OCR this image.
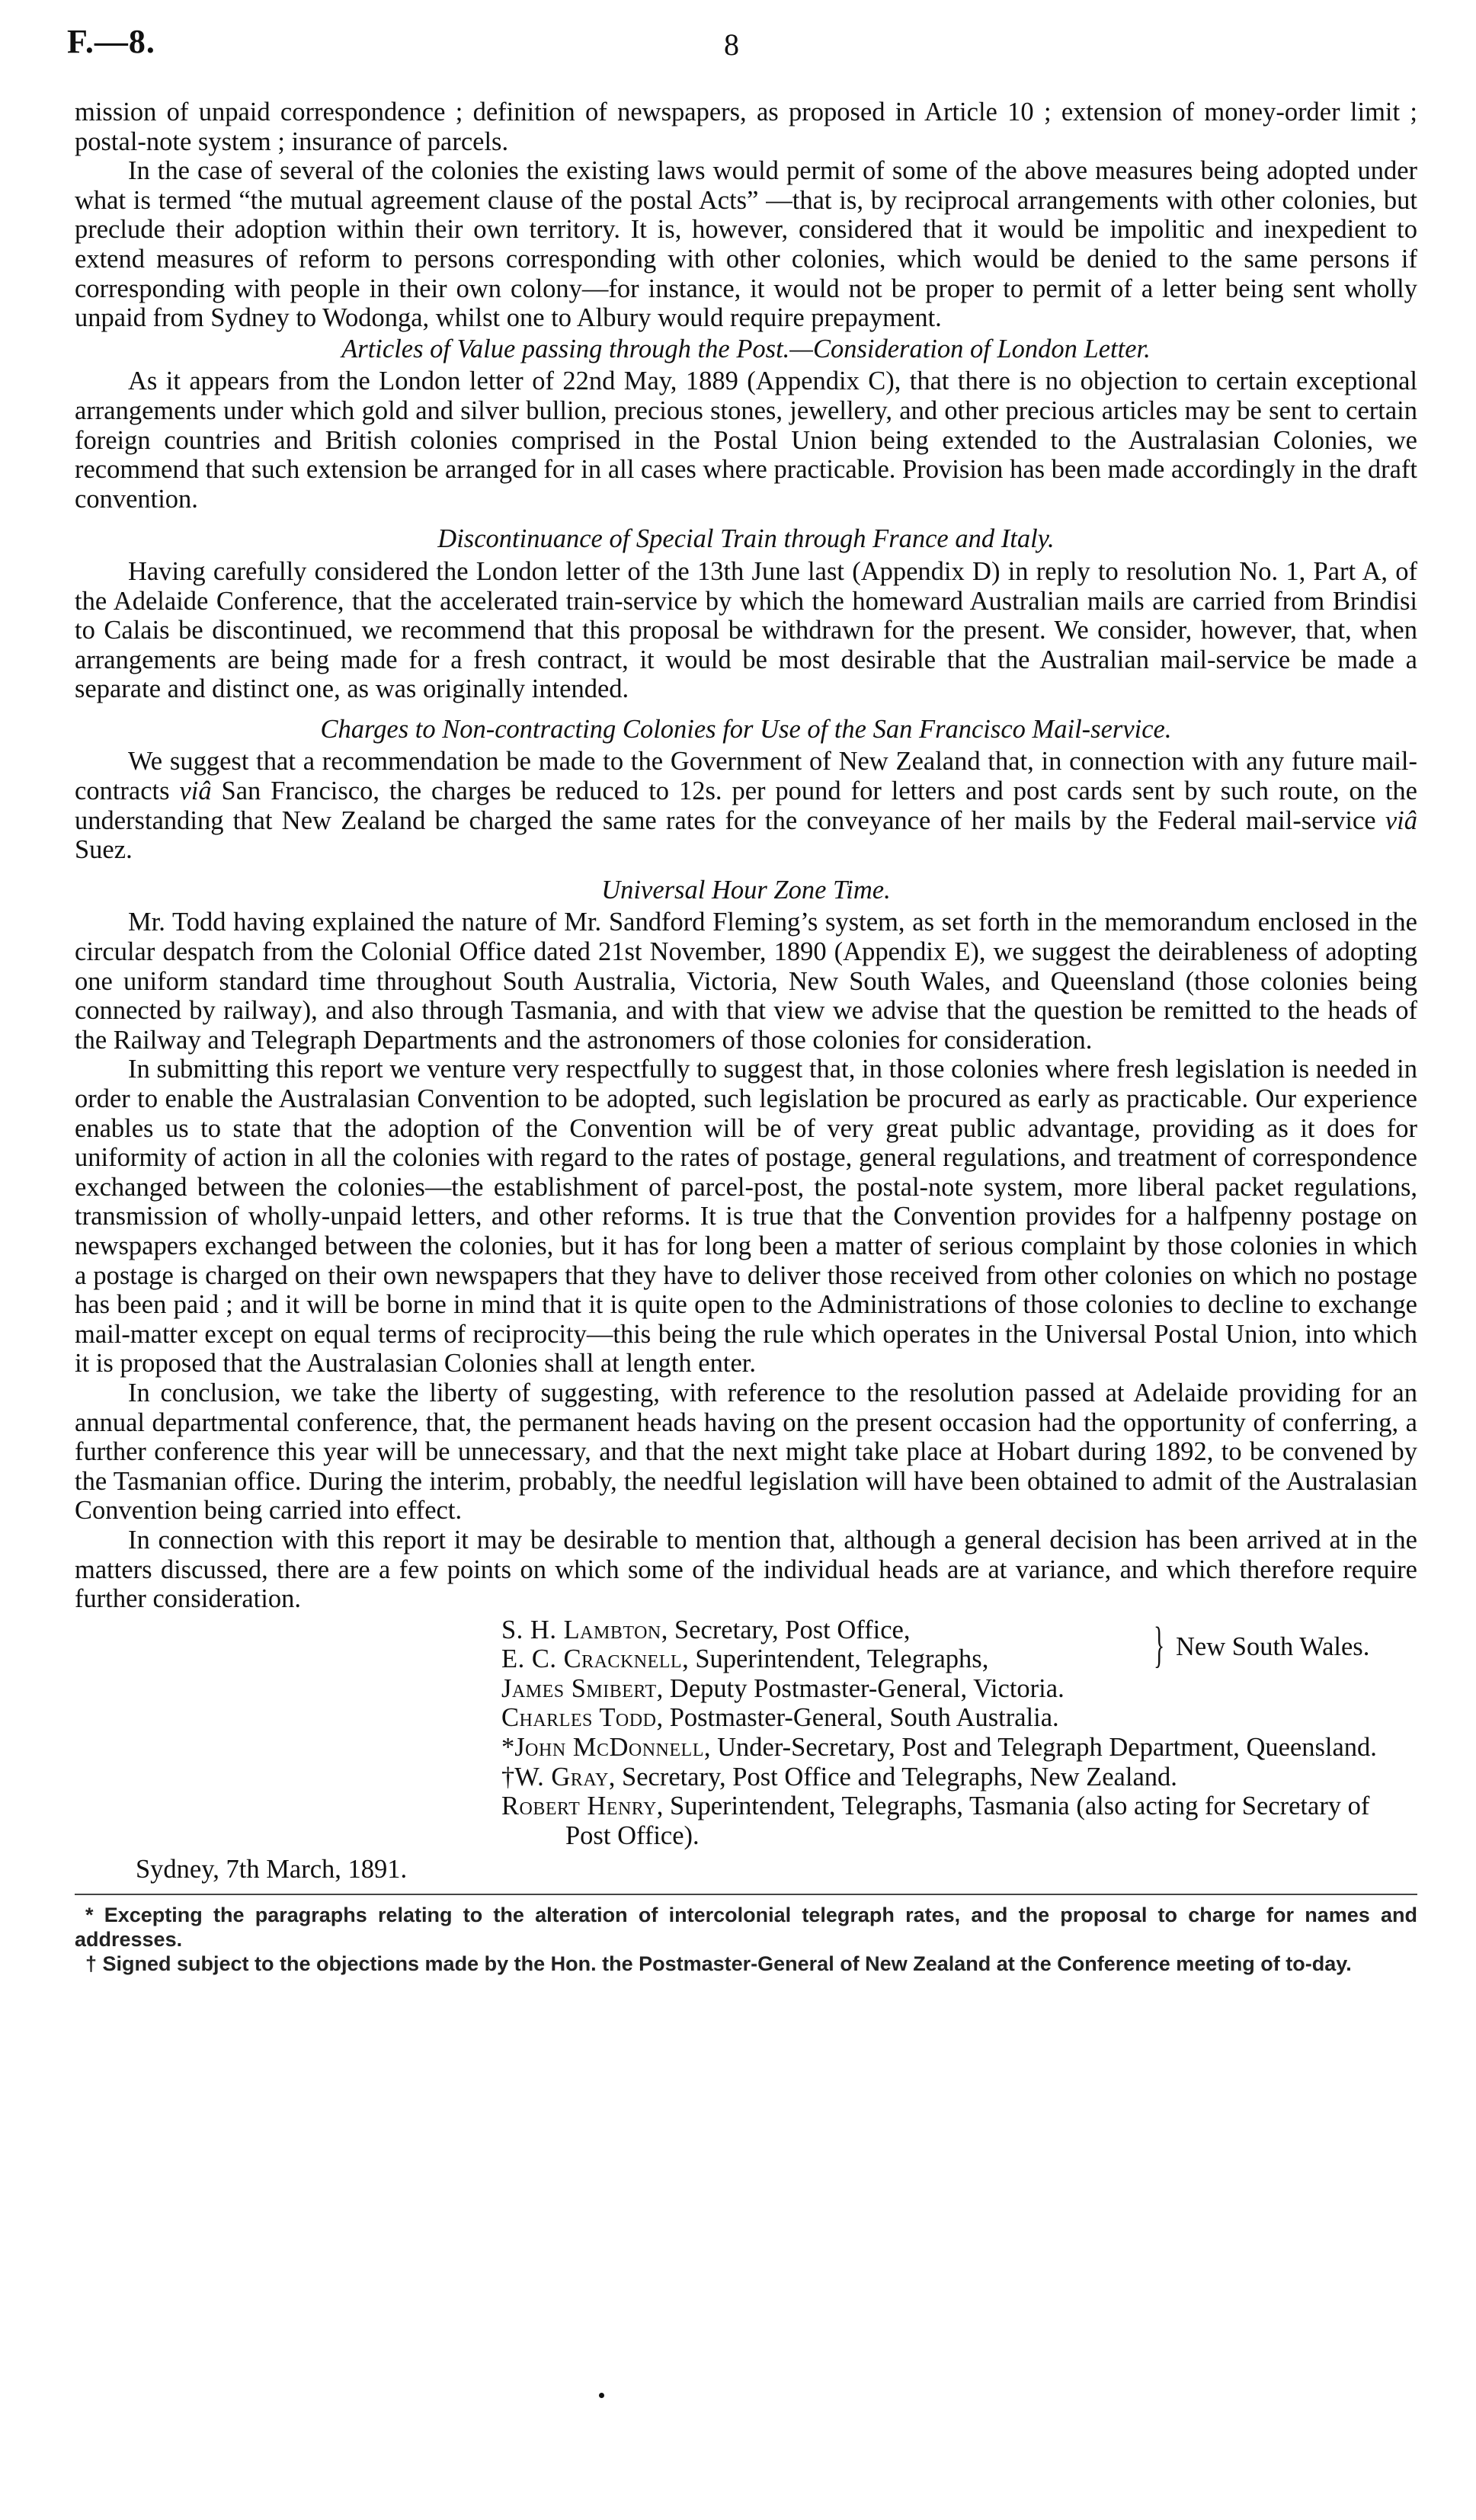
F.—8.	8

mission of unpaid correspondence ; definition of newspapers, as proposed in Article 10 ; extension of money-order limit ; postal-note system ; insurance of parcels.

In the case of several of the colonies the existing laws would permit of some of the above measures being adopted under what is termed “the mutual agreement clause of the postal Acts” —that is, by reciprocal arrangements with other colonies, but preclude their adoption within their own territory. It is, however, considered that it would be impolitic and inexpedient to extend measures of reform to persons corresponding with other colonies, which would be denied to the same persons if corresponding with people in their own colony—for instance, it would not be proper to permit of a letter being sent wholly unpaid from Sydney to Wodonga, whilst one to Albury would require prepayment.

Articles of Value passing through the Post.—Consideration of London Letter.

As it appears from the London letter of 22nd May, 1889 (Appendix C), that there is no objection to certain exceptional arrangements under which gold and silver bullion, precious stones, jewellery, and other precious articles may be sent to certain foreign countries and British colonies comprised in the Postal Union being extended to the Australasian Colonies, we recommend that such extension be arranged for in all cases where practicable. Provision has been made accordingly in the draft convention.

Discontinuance of Special Train through France and Italy.

Having carefully considered the London letter of the 13th June last (Appendix D) in reply to resolution No. 1, Part A, of the Adelaide Conference, that the accelerated train-service by which the homeward Australian mails are carried from Brindisi to Calais be discontinued, we recommend that this proposal be withdrawn for the present. We consider, however, that, when arrangements are being made for a fresh contract, it would be most desirable that the Australian mail-service be made a separate and distinct one, as was originally intended.

Charges to Non-contracting Colonies for Use of the San Francisco Mail-service.

We suggest that a recommendation be made to the Government of New Zealand that, in connection with any future mail-contracts viâ San Francisco, the charges be reduced to 12s. per pound for letters and post cards sent by such route, on the understanding that New Zealand be charged the same rates for the conveyance of her mails by the Federal mail-service viâ Suez.

Universal Hour Zone Time.

Mr. Todd having explained the nature of Mr. Sandford Fleming’s system, as set forth in the memorandum enclosed in the circular despatch from the Colonial Office dated 21st November, 1890 (Appendix E), we suggest the deirableness of adopting one uniform standard time throughout South Australia, Victoria, New South Wales, and Queensland (those colonies being connected by railway), and also through Tasmania, and with that view we advise that the question be remitted to the heads of the Railway and Telegraph Departments and the astronomers of those colonies for consideration.

In submitting this report we venture very respectfully to suggest that, in those colonies where fresh legislation is needed in order to enable the Australasian Convention to be adopted, such legislation be procured as early as practicable. Our experience enables us to state that the adoption of the Convention will be of very great public advantage, providing as it does for uniformity of action in all the colonies with regard to the rates of postage, general regulations, and treatment of correspondence exchanged between the colonies—the establishment of parcel-post, the postal-note system, more liberal packet regulations, transmission of wholly-unpaid letters, and other reforms. It is true that the Convention provides for a halfpenny postage on newspapers exchanged between the colonies, but it has for long been a matter of serious complaint by those colonies in which a postage is charged on their own newspapers that they have to deliver those received from other colonies on which no postage has been paid ; and it will be borne in mind that it is quite open to the Administrations of those colonies to decline to exchange mail-matter except on equal terms of reciprocity—this being the rule which operates in the Universal Postal Union, into which it is proposed that the Australasian Colonies shall at length enter.

In conclusion, we take the liberty of suggesting, with reference to the resolution passed at Adelaide providing for an annual departmental conference, that, the permanent heads having on the present occasion had the opportunity of conferring, a further conference this year will be unnecessary, and that the next might take place at Hobart during 1892, to be convened by the Tasmanian office. During the interim, probably, the needful legislation will have been obtained to admit of the Australasian Convention being carried into effect.

In connection with this report it may be desirable to mention that, although a general decision has been arrived at in the matters discussed, there are a few points on which some of the individual heads are at variance, and which therefore require further consideration.

S. H. Lambton, Secretary, Post Office,
E. C. Cracknell, Superintendent, Telegraphs,	} New South Wales.
James Smibert, Deputy Postmaster-General, Victoria.
Charles Todd, Postmaster-General, South Australia.
*John McDonnell, Under-Secretary, Post and Telegraph Department, Queensland.
†W. Gray, Secretary, Post Office and Telegraphs, New Zealand.
Robert Henry, Superintendent, Telegraphs, Tasmania (also acting for Secretary of Post Office).
Sydney, 7th March, 1891.

* Excepting the paragraphs relating to the alteration of intercolonial telegraph rates, and the proposal to charge for names and addresses.

† Signed subject to the objections made by the Hon. the Postmaster-General of New Zealand at the Conference meeting of to-day.
